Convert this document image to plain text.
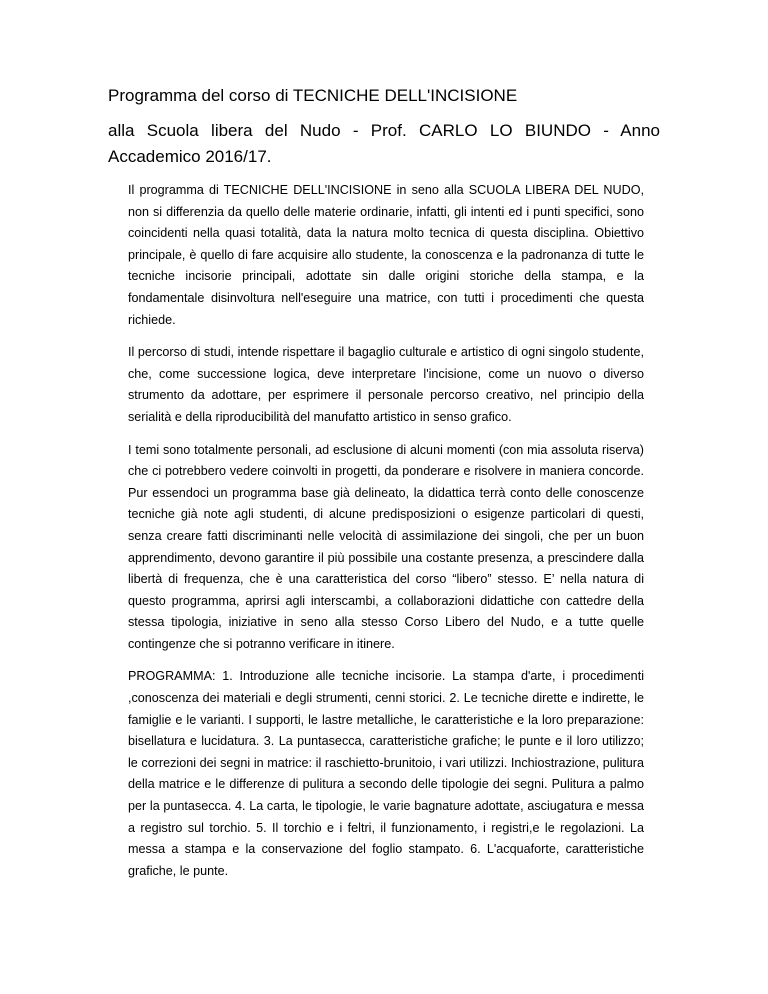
Programma del corso di TECNICHE DELL'INCISIONE
alla Scuola libera del Nudo - Prof. CARLO LO BIUNDO - Anno Accademico 2016/17.

Il programma di TECNICHE DELL'INCISIONE in seno alla SCUOLA LIBERA DEL NUDO, non si differenzia da quello delle materie ordinarie, infatti, gli intenti ed i punti specifici, sono coincidenti nella quasi totalità, data la natura molto tecnica di questa disciplina. Obiettivo principale, è quello di fare acquisire allo studente, la conoscenza e la padronanza di tutte le tecniche incisorie principali, adottate sin dalle origini storiche della stampa, e la fondamentale disinvoltura nell'eseguire una matrice, con tutti i procedimenti che questa richiede.

Il percorso di studi, intende rispettare il bagaglio culturale e artistico di ogni singolo studente, che, come successione logica, deve interpretare l'incisione, come un nuovo o diverso strumento da adottare, per esprimere il personale percorso creativo, nel principio della serialità e della riproducibilità del manufatto artistico in senso grafico.

I temi sono totalmente personali, ad esclusione di alcuni momenti (con mia assoluta riserva) che ci potrebbero vedere coinvolti in progetti, da ponderare e risolvere in maniera concorde. Pur essendoci un programma base già delineato, la didattica terrà conto delle conoscenze tecniche già note agli studenti, di alcune predisposizioni o esigenze particolari di questi, senza creare fatti discriminanti nelle velocità di assimilazione dei singoli, che per un buon apprendimento, devono garantire il più possibile una costante presenza, a prescindere dalla libertà di frequenza, che è una caratteristica del corso “libero” stesso. E’ nella natura di questo programma, aprirsi agli interscambi, a collaborazioni didattiche con cattedre della stessa tipologia, iniziative in seno alla stesso Corso Libero del Nudo, e a tutte quelle contingenze che si potranno verificare in itinere.

PROGRAMMA: 1. Introduzione alle tecniche incisorie. La stampa d'arte, i procedimenti ,conoscenza dei materiali e degli strumenti, cenni storici. 2. Le tecniche dirette e indirette, le famiglie e le varianti. I supporti, le lastre metalliche, le caratteristiche e la loro preparazione: bisellatura e lucidatura. 3. La puntasecca, caratteristiche grafiche; le punte e il loro utilizzo; le correzioni dei segni in matrice: il raschietto-brunitoio, i vari utilizzi. Inchiostrazione, pulitura della matrice e le differenze di pulitura a secondo delle tipologie dei segni. Pulitura a palmo per la puntasecca. 4. La carta, le tipologie, le varie bagnature adottate, asciugatura e messa a registro sul torchio. 5. Il torchio e i feltri, il funzionamento, i registri,e le regolazioni. La messa a stampa e la conservazione del foglio stampato. 6. L'acquaforte, caratteristiche grafiche, le punte.
